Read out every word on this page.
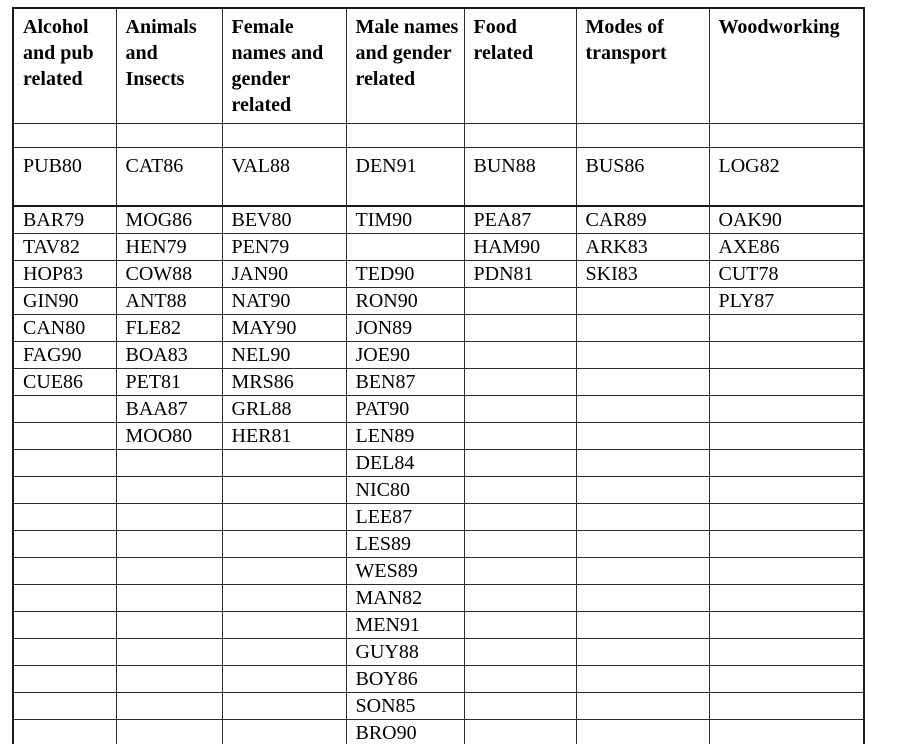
Alcohol and pub related	Animals and Insects	Female names and gender related	Male names and gender related	Food related	Modes of transport	Woodworking

PUB80	CAT86	VAL88	DEN91	BUN88	BUS86	LOG82
BAR79	MOG86	BEV80	TIM90	PEA87	CAR89	OAK90
TAV82	HEN79	PEN79		HAM90	ARK83	AXE86
HOP83	COW88	JAN90	TED90	PDN81	SKI83	CUT78
GIN90	ANT88	NAT90	RON90			PLY87
CAN80	FLE82	MAY90	JON89			
FAG90	BOA83	NEL90	JOE90			
CUE86	PET81	MRS86	BEN87			
	BAA87	GRL88	PAT90			
	MOO80	HER81	LEN89			
			DEL84			
			NIC80			
			LEE87			
			LES89			
			WES89			
			MAN82			
			MEN91			
			GUY88			
			BOY86			
			SON85			
			BRO90			
